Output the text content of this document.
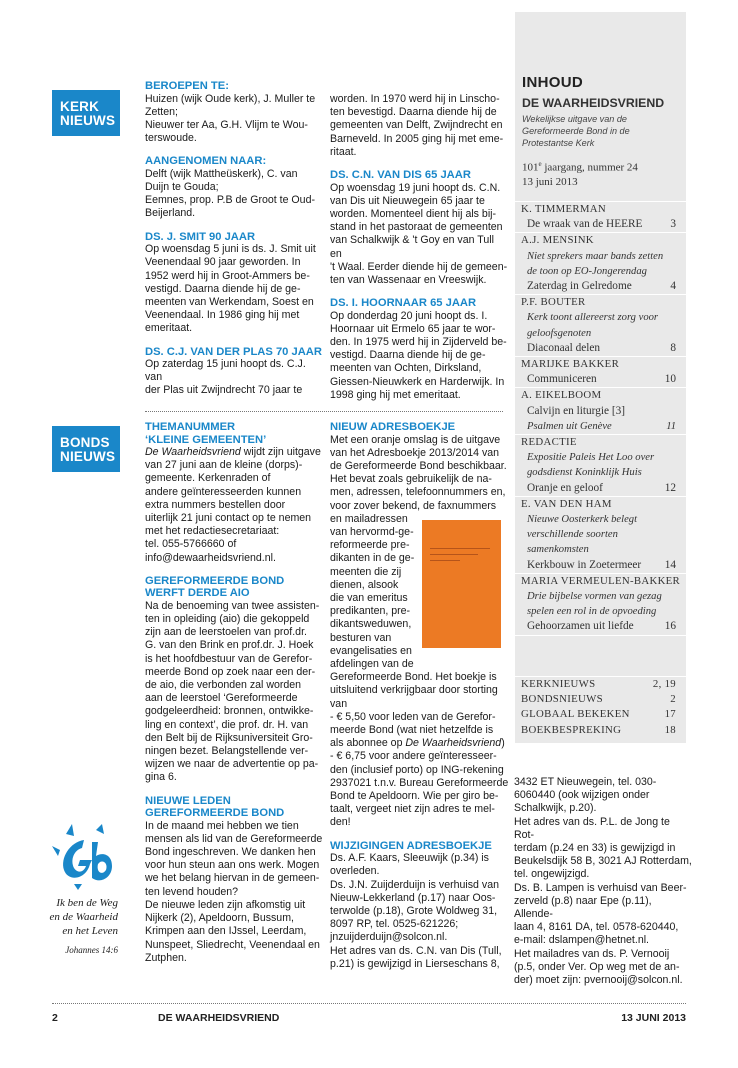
KERK
NIEUWS
BEROEPEN TE:
Huizen (wijk Oude kerk), J. Muller te
Zetten;
Nieuwer ter Aa, G.H. Vlijm te Wou-
terswoude.
AANGENOMEN NAAR:
Delft (wijk Mattheüskerk), C. van
Duijn te Gouda;
Eemnes, prop. P.B de Groot te Oud-
Beijerland.
DS. J. SMIT 90 JAAR
Op woensdag 5 juni is ds. J. Smit uit
Veenendaal 90 jaar geworden. In
1952 werd hij in Groot-Ammers be-
vestigd. Daarna diende hij de ge-
meenten van Werkendam, Soest en
Veenendaal. In 1986 ging hij met
emeritaat.
DS. C.J. VAN DER PLAS 70 JAAR
Op zaterdag 15 juni hoopt ds. C.J. van
der Plas uit Zwijndrecht 70 jaar te
worden. In 1970 werd hij in Linscho-
ten bevestigd. Daarna diende hij de
gemeenten van Delft, Zwijndrecht en
Barneveld. In 2005 ging hij met eme-
ritaat.
DS. C.N. VAN DIS 65 JAAR
Op woensdag 19 juni hoopt ds. C.N.
van Dis uit Nieuwegein 65 jaar te
worden. Momenteel dient hij als bij-
stand in het pastoraat de gemeenten
van Schalkwijk & 't Goy en van Tull en
't Waal. Eerder diende hij de gemeen-
ten van Wassenaar en Vreeswijk.
DS. I. HOORNAAR 65 JAAR
Op donderdag 20 juni hoopt ds. I.
Hoornaar uit Ermelo 65 jaar te wor-
den. In 1975 werd hij in Zijderveld be-
vestigd. Daarna diende hij de ge-
meenten van Ochten, Dirksland,
Giessen-Nieuwkerk en Harderwijk. In
1998 ging hij met emeritaat.
BONDS
NIEUWS
THEMANUMMER
‘KLEINE GEMEENTEN’
De Waarheidsvriend wijdt zijn uitgave
van 27 juni aan de kleine (dorps)-
gemeente. Kerkenraden of
andere geïnteresseerden kunnen
extra nummers bestellen door
uiterlijk 21 juni contact op te nemen
met het redactiesecretariaat:
tel. 055-5766660 of
info@dewaarheidsvriend.nl.
GEREFORMEERDE BOND
WERFT DERDE AIO
Na de benoeming van twee assisten-
ten in opleiding (aio) die gekoppeld
zijn aan de leerstoelen van prof.dr.
G. van den Brink en prof.dr. J. Hoek
is het hoofdbestuur van de Gerefor-
meerde Bond op zoek naar een der-
de aio, die verbonden zal worden
aan de leerstoel ‘Gereformeerde
godgeleerdheid: bronnen, ontwikke-
ling en context’, die prof. dr. H. van
den Belt bij de Rijksuniversiteit Gro-
ningen bezet. Belangstellende ver-
wijzen we naar de advertentie op pa-
gina 6.
NIEUWE LEDEN
GEREFORMEERDE BOND
In de maand mei hebben we tien
mensen als lid van de Gereformeerde
Bond ingeschreven. We danken hen
voor hun steun aan ons werk. Mogen
we het belang hiervan in de gemeen-
ten levend houden?
De nieuwe leden zijn afkomstig uit
Nijkerk (2), Apeldoorn, Bussum,
Krimpen aan den IJssel, Leerdam,
Nunspeet, Sliedrecht, Veenendaal en
Zutphen.
NIEUW ADRESBOEKJE
Met een oranje omslag is de uitgave
van het Adresboekje 2013/2014 van
de Gereformeerde Bond beschikbaar.
Het bevat zoals gebruikelijk de na-
men, adressen, telefoonnummers en,
voor zover bekend, de faxnummers
en mailadressen
van hervormd-ge-
reformeerde pre-
dikanten in de ge-
meenten die zij
dienen, alsook
die van emeritus
predikanten, pre-
dikantsweduwen,
besturen van
evangelisaties en
afdelingen van de
Gereformeerde Bond. Het boekje is
uitsluitend verkrijgbaar door storting
van
- € 5,50 voor leden van de Gerefor-
meerde Bond (wat niet hetzelfde is
als abonnee op De Waarheidsvriend)
- € 6,75 voor andere geïnteresseer-
den (inclusief porto) op ING-rekening
2937021 t.n.v. Bureau Gereformeerde
Bond te Apeldoorn. Wie per giro be-
taalt, vergeet niet zijn adres te mel-
den!
WIJZIGINGEN ADRESBOEKJE
Ds. A.F. Kaars, Sleeuwijk (p.34) is
overleden.
Ds. J.N. Zuijderduijn is verhuisd van
Nieuw-Lekkerland (p.17) naar Oos-
terwolde (p.18), Grote Woldweg 31,
8097 RP, tel. 0525-621226;
jnzuijderduijn@solcon.nl.
Het adres van ds. C.N. van Dis (Tull,
p.21) is gewijzigd in Lierseschans 8,
3432 ET Nieuwegein, tel. 030-
6060440 (ook wijzigen onder
Schalkwijk, p.20).
Het adres van ds. P.L. de Jong te Rot-
terdam (p.24 en 33) is gewijzigd in
Beukelsdijk 58 B, 3021 AJ Rotterdam,
tel. ongewijzigd.
Ds. B. Lampen is verhuisd van Beer-
zerveld (p.8) naar Epe (p.11), Allende-
laan 4, 8161 DA, tel. 0578-620440,
e-mail: dslampen@hetnet.nl.
Het mailadres van ds. P. Vernooij
(p.5, onder Ver. Op weg met de an-
der) moet zijn: pvernooij@solcon.nl.
INHOUD
DE WAARHEIDSVRIEND
Wekelijkse uitgave van de Gereformeerde Bond in de Protestantse Kerk
101e jaargang, nummer 24
13 juni 2013
K. TIMMERMAN
De wraak van de HEERE 3
A.J. MENSINK
Niet sprekers maar bands zetten
de toon op EO-Jongerendag
Zaterdag in Gelredome	4
P.F. BOUTER
Kerk toont allereerst zorg voor
geloofsgenoten
Diaconaal delen	8
MARIJKE BAKKER
Communiceren	10
A. EIKELBOOM
Calvijn en liturgie [3]
Psalmen uit Genève	11
REDACTIE
Expositie Paleis Het Loo over
godsdienst Koninklijk Huis
Oranje en geloof	12
E. VAN DEN HAM
Nieuwe Oosterkerk belegt
verschillende soorten
samenkomsten
Kerkbouw in Zoetermeer 14
MARIA VERMEULEN-BAKKER
Drie bijbelse vormen van gezag
spelen een rol in de opvoeding
Gehoorzamen uit liefde	16
KERKNIEUWS	2, 19
BONDSNIEUWS	2
GLOBAAL BEKEKEN	17
BOEKBESPREKING	18
Ik ben de Weg
en de Waarheid
en het Leven
Johannes 14:6
2	DE WAARHEIDSVRIEND	13 JUNI 2013
